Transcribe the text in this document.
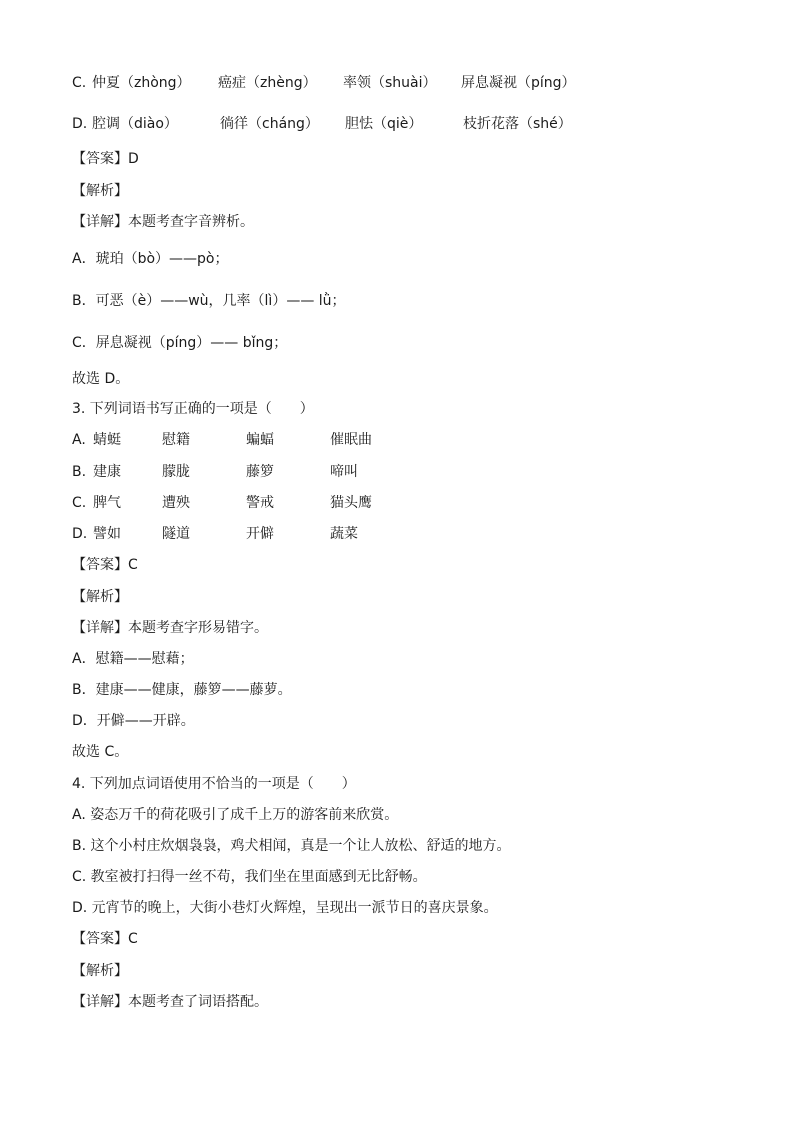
C. 仲夏（zhòng） 癌症（zhèng） 率领（shuài） 屏息凝视（píng）
D. 腔调（diào）	徜徉（cháng） 胆怯（qiè）	枝折花落（shé）
【答案】D
【解析】
【详解】本题考查字音辨析。
A．琥珀（bò）——pò；
B．可恶（è）——wù，几率（lì）—— lǜ；
C．屏息凝视（píng）—— bǐng；
故选 D。
3. 下列词语书写正确的一项是（　　）
A. 蜻蜓	慰籍	蝙蝠	催眠曲
B. 建康	朦胧	藤箩	啼叫
C. 脾气	遭殃	警戒	猫头鹰
D. 譬如	隧道	开僻	蔬菜
【答案】C
【解析】
【详解】本题考查字形易错字。
A．慰籍——慰藉；
B．建康——健康，藤箩——藤萝。
D．开僻——开辟。
故选 C。
4. 下列加点词语使用不恰当的一项是（　　）
A. 姿态万千的荷花吸引了成千上万的游客前来欣赏。
B. 这个小村庄炊烟袅袅，鸡犬相闻，真是一个让人放松、舒适的地方。
C. 教室被打扫得一丝不苟，我们坐在里面感到无比舒畅。
D. 元宵节的晚上，大街小巷灯火辉煌，呈现出一派节日的喜庆景象。
【答案】C
【解析】
【详解】本题考查了词语搭配。
